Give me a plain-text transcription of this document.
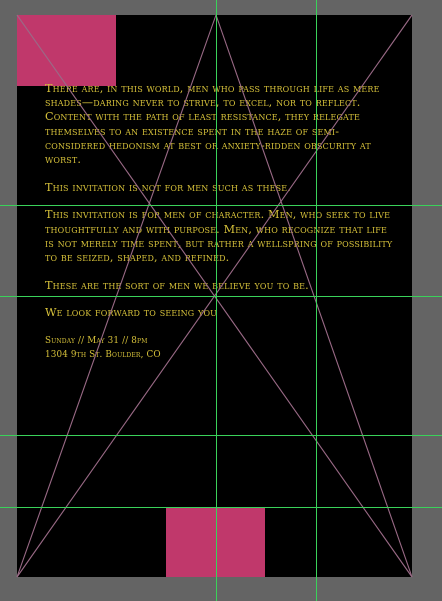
There are, in this world, men who pass through life as mere shades—daring never to strive, to excel, nor to reflect. Content with the path of least resistance, they relegate themselves to an existence spent in the haze of semi-considered hedonism at best or anxiety-ridden obscurity at worst.

This invitation is not for men such as these.

This invitation is for men of character. Men, who seek to live thoughtfully and with purpose. Men, who recognize that life is not merely time spent, but rather a wellspring of possibility to be seized, shaped, and refined.

These are the sort of men we believe you to be.

We look forward to seeing you

Sunday // May 31 // 8pm
1304 9th St. Boulder, CO
